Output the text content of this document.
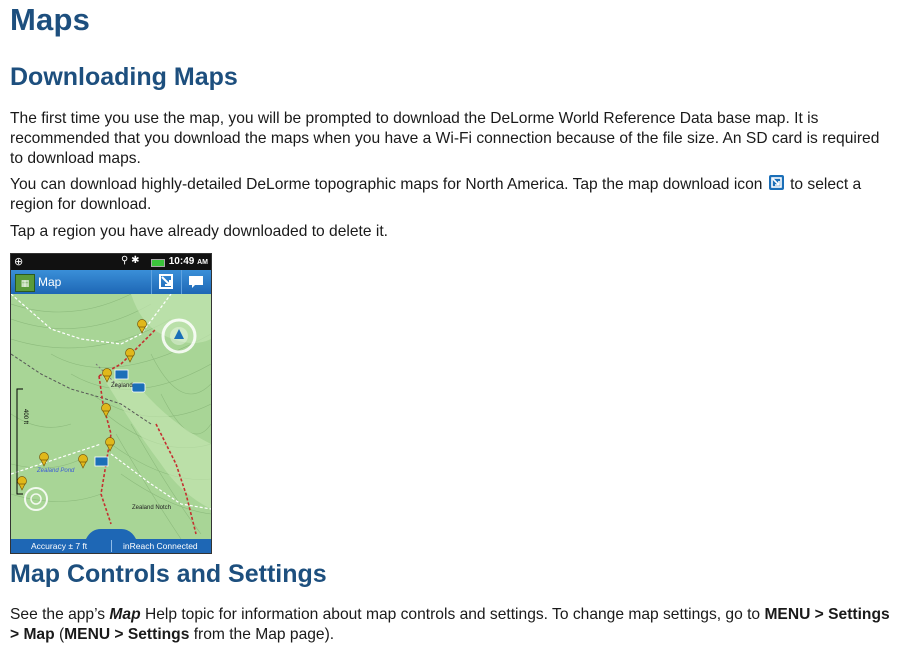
Maps
Downloading Maps

The first time you use the map, you will be prompted to download the DeLorme World Reference Data base map. It is recommended that you download the maps when you have a Wi-Fi connection because of the file size. An SD card is required to download maps.

You can download highly-detailed DeLorme topographic maps for North America. Tap the map download icon
to select a region for download.

Tap a region you have already downloaded to delete it.

Map Controls and Settings

See the app’s Map Help topic for information about map controls and settings. To change map settings, go to MENU > Settings > Map (MENU > Settings from the Map page).

⊕	⚲ ✱	10:49 AM
▦ Map
400 ft
Zealand
Zealand Pond
Zealand Notch
Accuracy ± 7 ft	inReach Connected
